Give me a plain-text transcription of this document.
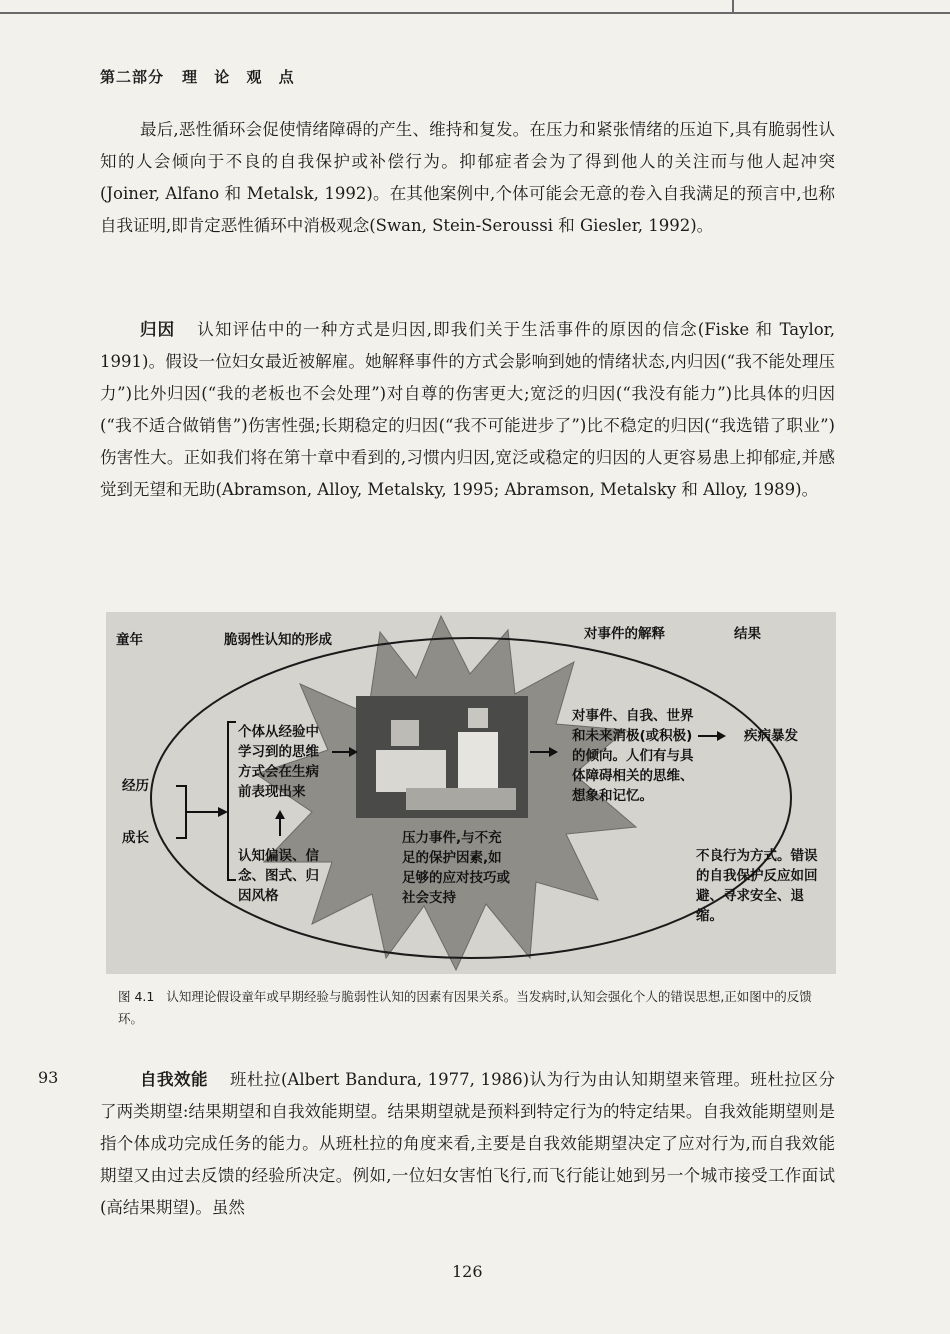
第二部分 理 论 观 点

最后,恶性循环会促使情绪障碍的产生、维持和复发。在压力和紧张情绪的压迫下,具有脆弱性认知的人会倾向于不良的自我保护或补偿行为。抑郁症者会为了得到他人的关注而与他人起冲突(Joiner, Alfano 和 Metalsk, 1992)。在其他案例中,个体可能会无意的卷入自我满足的预言中,也称自我证明,即肯定恶性循环中消极观念(Swan, Stein-Seroussi 和 Giesler, 1992)。

归因 认知评估中的一种方式是归因,即我们关于生活事件的原因的信念(Fiske 和 Taylor, 1991)。假设一位妇女最近被解雇。她解释事件的方式会影响到她的情绪状态,内归因(“我不能处理压力”)比外归因(“我的老板也不会处理”)对自尊的伤害更大;宽泛的归因(“我没有能力”)比具体的归因(“我不适合做销售”)伤害性强;长期稳定的归因(“我不可能进步了”)比不稳定的归因(“我选错了职业”)伤害性大。正如我们将在第十章中看到的,习惯内归因,宽泛或稳定的归因的人更容易患上抑郁症,并感觉到无望和无助(Abramson, Alloy, Metalsky, 1995; Abramson, Metalsky 和 Alloy, 1989)。

童年	脆弱性认知的形成	对事件的解释	结果
经历
成长
个体从经验中学习到的思维方式会在生病前表现出来
认知偏误、信念、图式、归因风格
压力事件,与不充足的保护因素,如足够的应对技巧或社会支持
对事件、自我、世界和未来消极(或积极)的倾向。人们有与具体障碍相关的思维、想象和记忆。
疾病暴发
不良行为方式。错误的自我保护反应如回避、寻求安全、退缩。

图 4.1 认知理论假设童年或早期经验与脆弱性认知的因素有因果关系。当发病时,认知会强化个人的错误思想,正如图中的反馈环。

93	自我效能 班杜拉(Albert Bandura, 1977, 1986)认为行为由认知期望来管理。班杜拉区分了两类期望:结果期望和自我效能期望。结果期望就是预料到特定行为的特定结果。自我效能期望则是指个体成功完成任务的能力。从班杜拉的角度来看,主要是自我效能期望决定了应对行为,而自我效能期望又由过去反馈的经验所决定。例如,一位妇女害怕飞行,而飞行能让她到另一个城市接受工作面试(高结果期望)。虽然

126
